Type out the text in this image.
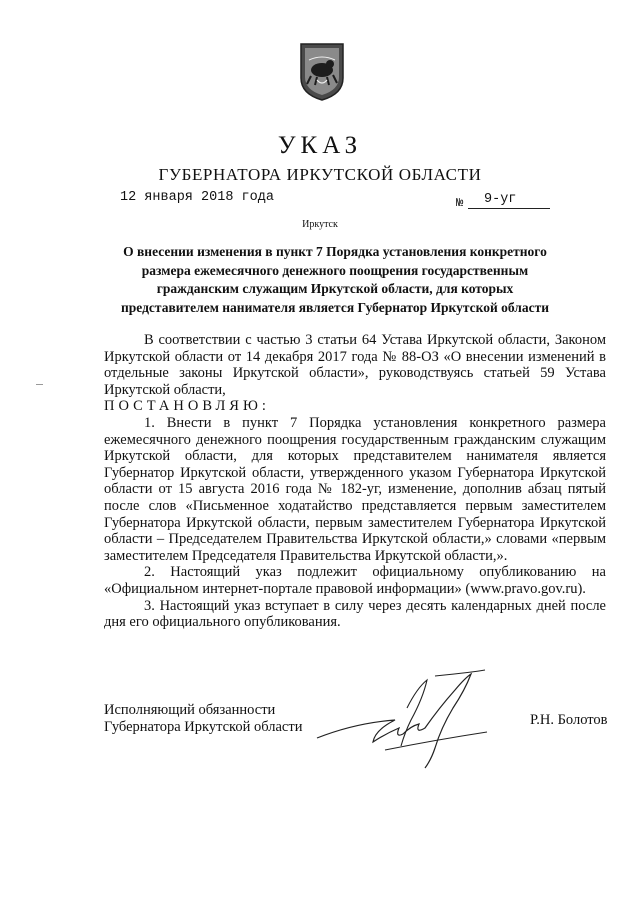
УКАЗ
ГУБЕРНАТОРА ИРКУТСКОЙ ОБЛАСТИ
12 января 2018 года	№ 9-уг
Иркутск
О внесении изменения в пункт 7 Порядка установления конкретного
размера ежемесячного денежного поощрения государственным
гражданским служащим Иркутской области, для которых
представителем нанимателя является Губернатор Иркутской области

В соответствии с частью 3 статьи 64 Устава Иркутской области, Законом Иркутской области от 14 декабря 2017 года № 88-ОЗ «О внесении изменений в отдельные законы Иркутской области», руководствуясь статьей 59 Устава Иркутской области,

ПОСТАНОВЛЯЮ:

1. Внести в пункт 7 Порядка установления конкретного размера ежемесячного денежного поощрения государственным гражданским служащим Иркутской области, для которых представителем нанимателя является Губернатор Иркутской области, утвержденного указом Губернатора Иркутской области от 15 августа 2016 года № 182-уг, изменение, дополнив абзац пятый после слов «Письменное ходатайство представляется первым заместителем Губернатора Иркутской области, первым заместителем Губернатора Иркутской области – Председателем Правительства Иркутской области,» словами «первым заместителем Председателя Правительства Иркутской области,».

2. Настоящий указ подлежит официальному опубликованию на «Официальном интернет-портале правовой информации» (www.pravo.gov.ru).

3. Настоящий указ вступает в силу через десять календарных дней после дня его официального опубликования.

Исполняющий обязанности
Губернатора Иркутской области	Р.Н. Болотов
